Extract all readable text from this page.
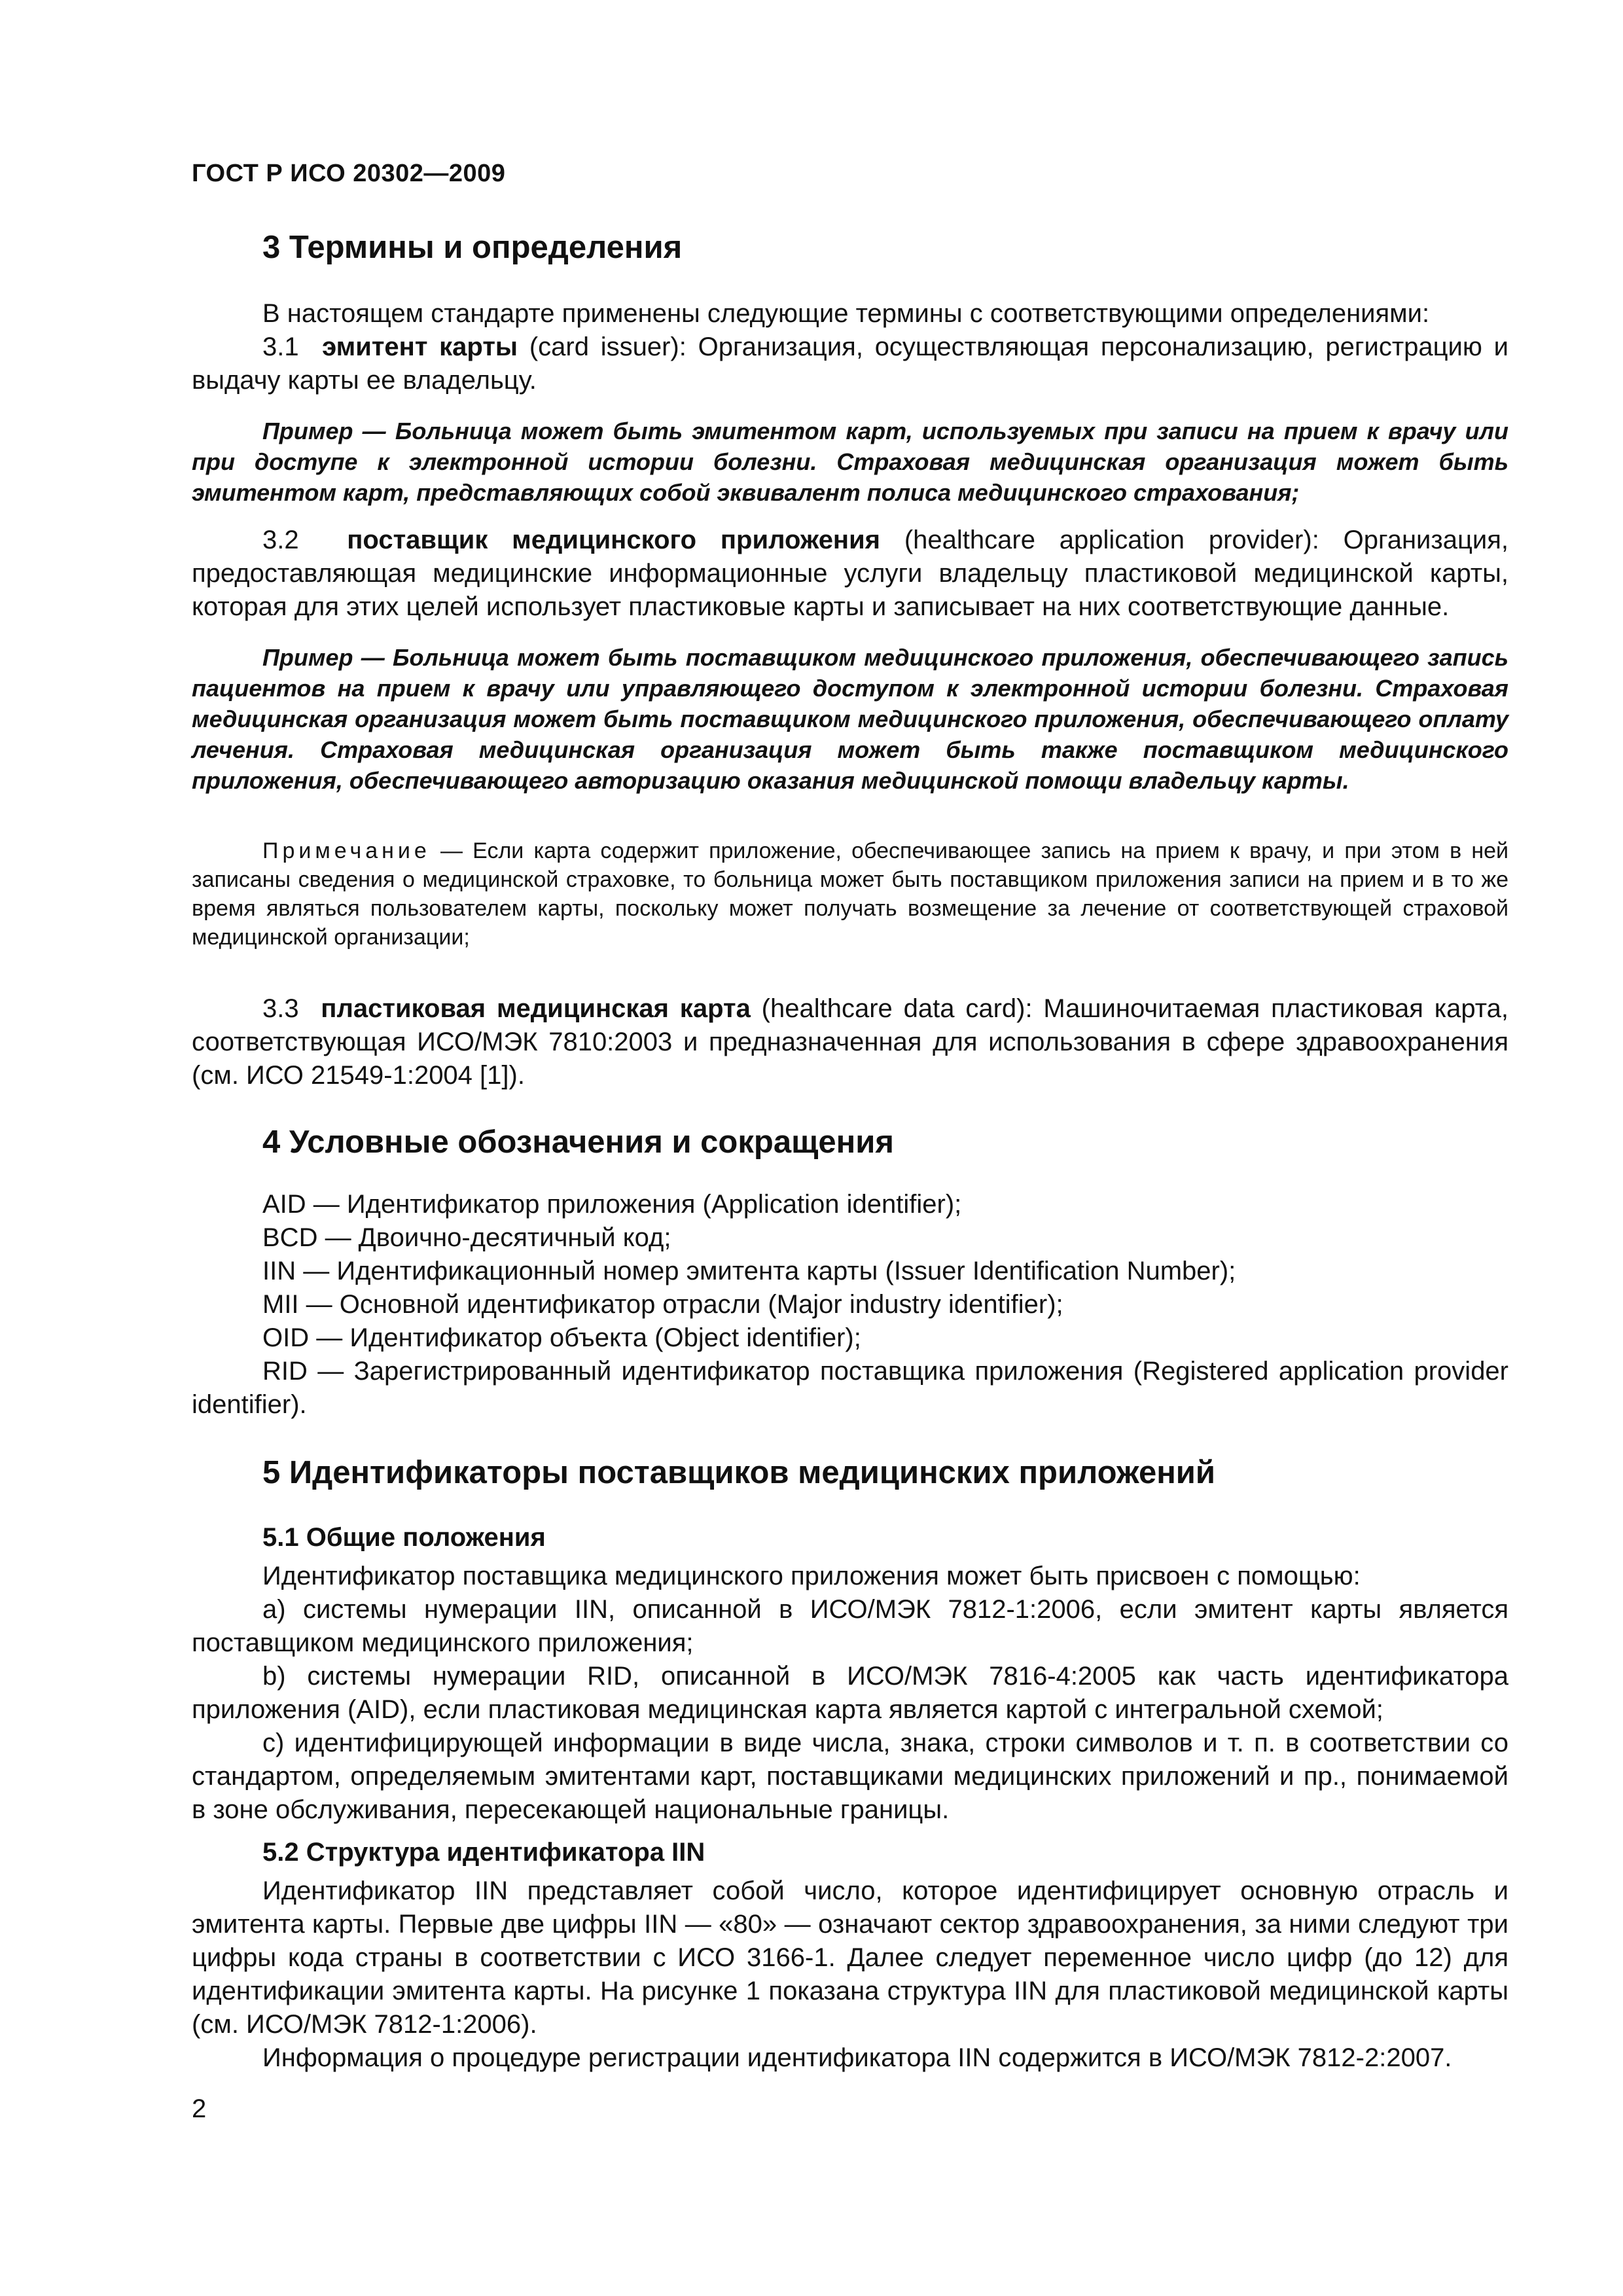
ГОСТ Р ИСО 20302—2009
3 Термины и определения

В настоящем стандарте применены следующие термины с соответствующими определениями:

3.1 эмитент карты (card issuer): Организация, осуществляющая персонализацию, регистрацию и выдачу карты ее владельцу.

Пример — Больница может быть эмитентом карт, используемых при записи на прием к врачу или при доступе к электронной истории болезни. Страховая медицинская организация может быть эмитентом карт, представляющих собой эквивалент полиса медицинского страхования;

3.2 поставщик медицинского приложения (healthcare application provider): Организация, предоставляющая медицинские информационные услуги владельцу пластиковой медицинской карты, которая для этих целей использует пластиковые карты и записывает на них соответствующие данные.

Пример — Больница может быть поставщиком медицинского приложения, обеспечивающего запись пациентов на прием к врачу или управляющего доступом к электронной истории болезни. Страховая медицинская организация может быть поставщиком медицинского приложения, обеспечивающего оплату лечения. Страховая медицинская организация может быть также поставщиком медицинского приложения, обеспечивающего авторизацию оказания медицинской помощи владельцу карты.

Примечание — Если карта содержит приложение, обеспечивающее запись на прием к врачу, и при этом в ней записаны сведения о медицинской страховке, то больница может быть поставщиком приложения записи на прием и в то же время являться пользователем карты, поскольку может получать возмещение за лечение от соответствующей страховой медицинской организации;

3.3 пластиковая медицинская карта (healthcare data card): Машиночитаемая пластиковая карта, соответствующая ИСО/МЭК 7810:2003 и предназначенная для использования в сфере здравоохранения (см. ИСО 21549-1:2004 [1]).

4 Условные обозначения и сокращения

AID — Идентификатор приложения (Application identifier);

BCD — Двоично-десятичный код;

IIN — Идентификационный номер эмитента карты (Issuer Identification Number);

MII — Основной идентификатор отрасли (Major industry identifier);

OID — Идентификатор объекта (Object identifier);

RID — Зарегистрированный идентификатор поставщика приложения (Registered application provider identifier).

5 Идентификаторы поставщиков медицинских приложений
5.1 Общие положения

Идентификатор поставщика медицинского приложения может быть присвоен с помощью:

a) системы нумерации IIN, описанной в ИСО/МЭК 7812-1:2006, если эмитент карты является поставщиком медицинского приложения;

b) системы нумерации RID, описанной в ИСО/МЭК 7816-4:2005 как часть идентификатора приложения (AID), если пластиковая медицинская карта является картой с интегральной схемой;

c) идентифицирующей информации в виде числа, знака, строки символов и т. п. в соответствии со стандартом, определяемым эмитентами карт, поставщиками медицинских приложений и пр., понимаемой в зоне обслуживания, пересекающей национальные границы.

5.2 Структура идентификатора IIN

Идентификатор IIN представляет собой число, которое идентифицирует основную отрасль и эмитента карты. Первые две цифры IIN — «80» — означают сектор здравоохранения, за ними следуют три цифры кода страны в соответствии с ИСО 3166-1. Далее следует переменное число цифр (до 12) для идентификации эмитента карты. На рисунке 1 показана структура IIN для пластиковой медицинской карты (см. ИСО/МЭК 7812-1:2006).

Информация о процедуре регистрации идентификатора IIN содержится в ИСО/МЭК 7812-2:2007.

2
